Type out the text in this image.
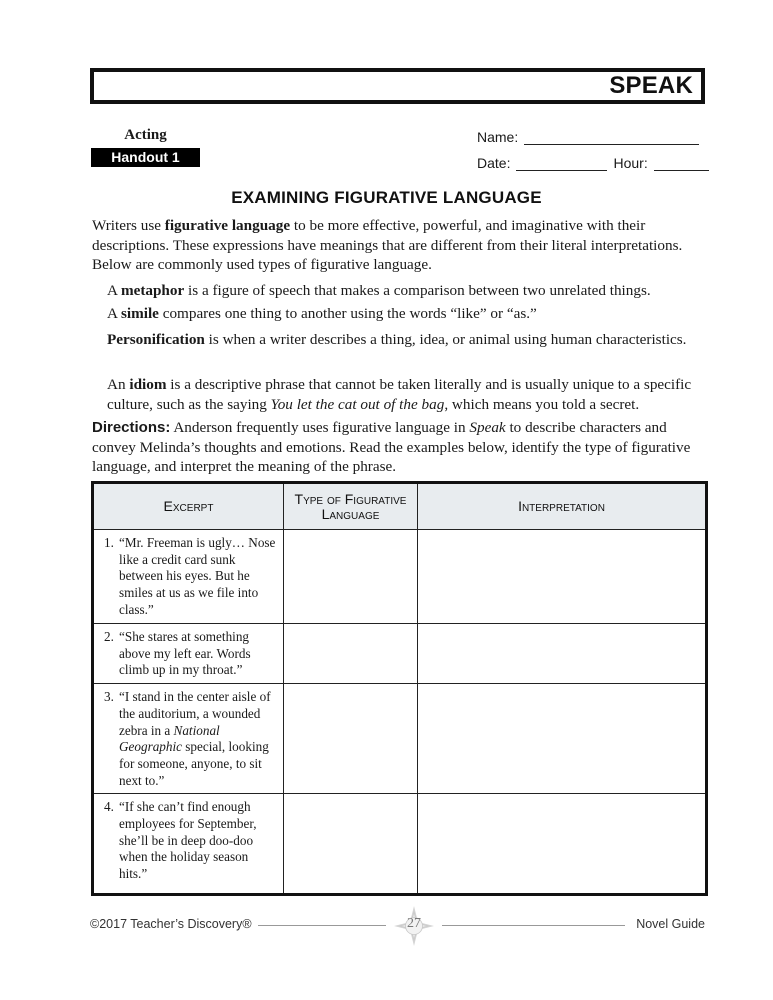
SPEAK
Acting
Handout 1
Name:
Date:	Hour:
EXAMINING FIGURATIVE LANGUAGE

Writers use figurative language to be more effective, powerful, and imaginative with their descriptions. These expressions have meanings that are different from their literal interpretations. Below are commonly used types of figurative language.

A metaphor is a figure of speech that makes a comparison between two unrelated things.

A simile compares one thing to another using the words “like” or “as.”

Personification is when a writer describes a thing, idea, or animal using human characteristics.

An idiom is a descriptive phrase that cannot be taken literally and is usually unique to a specific culture, such as the saying You let the cat out of the bag, which means you told a secret.

Directions: Anderson frequently uses figurative language in Speak to describe characters and convey Melinda’s thoughts and emotions. Read the examples below, identify the type of figurative language, and interpret the meaning of the phrase.

Excerpt	Type of Figurative Language	Interpretation

1. “Mr. Freeman is ugly… Nose like a credit card sunk between his eyes. But he smiles at us as we file into class.”		

2. “She stares at something above my left ear. Words climb up in my throat.”		

3. “I stand in the center aisle of the auditorium, a wounded zebra in a National Geographic special, looking for someone, anyone, to sit next to.”		

4. “If she can’t find enough employees for September, she’ll be in deep doo-doo when the holiday season hits.”		

©2017 Teacher’s Discovery®	27	Novel Guide
